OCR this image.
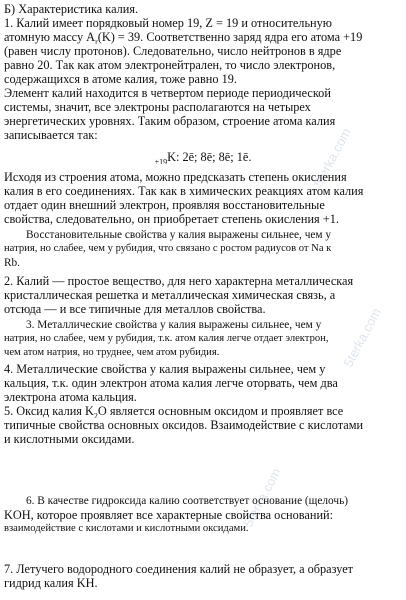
5terka.com
5terka.com
5terka.com
Б) Характеристика калия.
1. Калий имеет порядковый номер 19, Z = 19 и относительную
атомную массу $A_r(K) = 39$. Соответственно заряд ядра его атома +19
(равен числу протонов). Следовательно, число нейтронов в ядре
равно 20. Так как атом электронейтрален, то число электронов,
содержащихся в атоме калия, тоже равно 19.
Элемент калий находится в четвертом периоде периодической
системы, значит, все электроны располагаются на четырех
энергетических уровнях. Таким образом, строение атома калия
записывается так:
$_{+19}$K: 2ē; 8ē; 8ē; 1ē.
Исходя из строения атома, можно предсказать степень окисления
калия в его соединениях. Так как в химических реакциях атом калия
отдает один внешний электрон, проявляя восстановительные
свойства, следовательно, он приобретает степень окисления +1.
Восстановительные свойства у калия выражены сильнее, чем у
натрия, но слабее, чем у рубидия, что связано с ростом радиусов от Na к
Rb.
2. Калий — простое вещество, для него характерна металлическая
кристаллическая решетка и металлическая химическая связь, а
отсюда — и все типичные для металлов свойства.
3. Металлические свойства у калия выражены сильнее, чем у
натрия, но слабее, чем у рубидия, т.к. атом калия легче отдает электрон,
чем атом натрия, но труднее, чем атом рубидия.
4. Металлические свойства у калия выражены сильнее, чем у
кальция, т.к. один электрон атома калия легче оторвать, чем два
электрона атома кальция.
5. Оксид калия $K_2O$ является основным оксидом и проявляет все
типичные свойства основных оксидов. Взаимодействие с кислотами
и кислотными оксидами.
6. В качестве гидроксида калию соответствует основание (щелочь)
KOH, которое проявляет все характерные свойства оснований:
взаимодействие с кислотами и кислотными оксидами.
7. Летучего водородного соединения калий не образует, а образует
гидрид калия KH.
